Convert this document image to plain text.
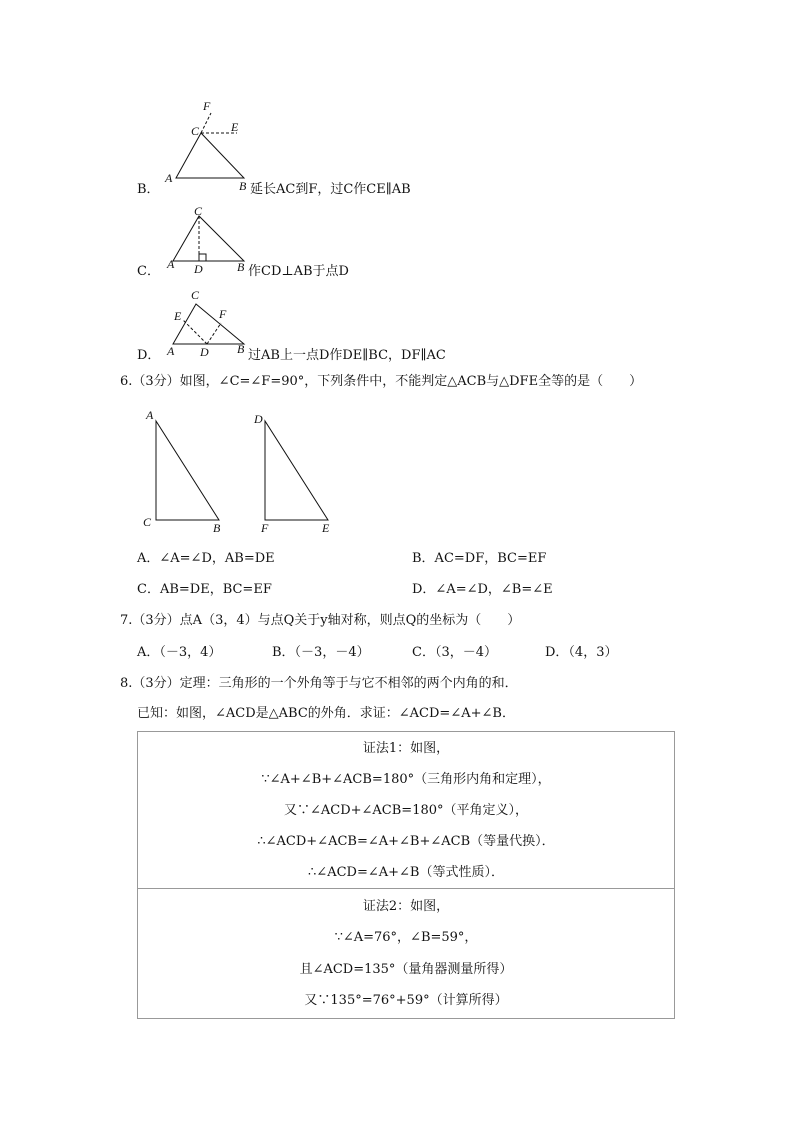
F
C	E
A
B
B．	延长AC到F，过C作CE∥AB
C
A D	B
C．	作CD⊥AB于点D
C
E	F
A D B
D．	过AB上一点D作DE∥BC，DF∥AC
6.（3分）如图，∠C=∠F=90°，下列条件中，不能判定△ACB与△DFE全等的是（　　）
A
C	B
D
F	E
A．∠A=∠D，AB=DE	B．AC=DF，BC=EF
C．AB=DE，BC=EF	D．∠A=∠D，∠B=∠E
7.（3分）点A（3，4）与点Q关于y轴对称，则点Q的坐标为（　　）
A．（－3，4）	B．（－3，－4）	C．（3，－4）	D．（4，3）
8.（3分）定理：三角形的一个外角等于与它不相邻的两个内角的和．
已知：如图，∠ACD是△ABC的外角．求证：∠ACD=∠A+∠B．
证法1：如图，
∵∠A+∠B+∠ACB=180°（三角形内角和定理），
又∵∠ACD+∠ACB=180°（平角定义），
∴∠ACD+∠ACB=∠A+∠B+∠ACB（等量代换）．
∴∠ACD=∠A+∠B（等式性质）．
证法2：如图，
∵∠A=76°，∠B=59°，
且∠ACD=135°（量角器测量所得）
又∵135°=76°+59°（计算所得）
